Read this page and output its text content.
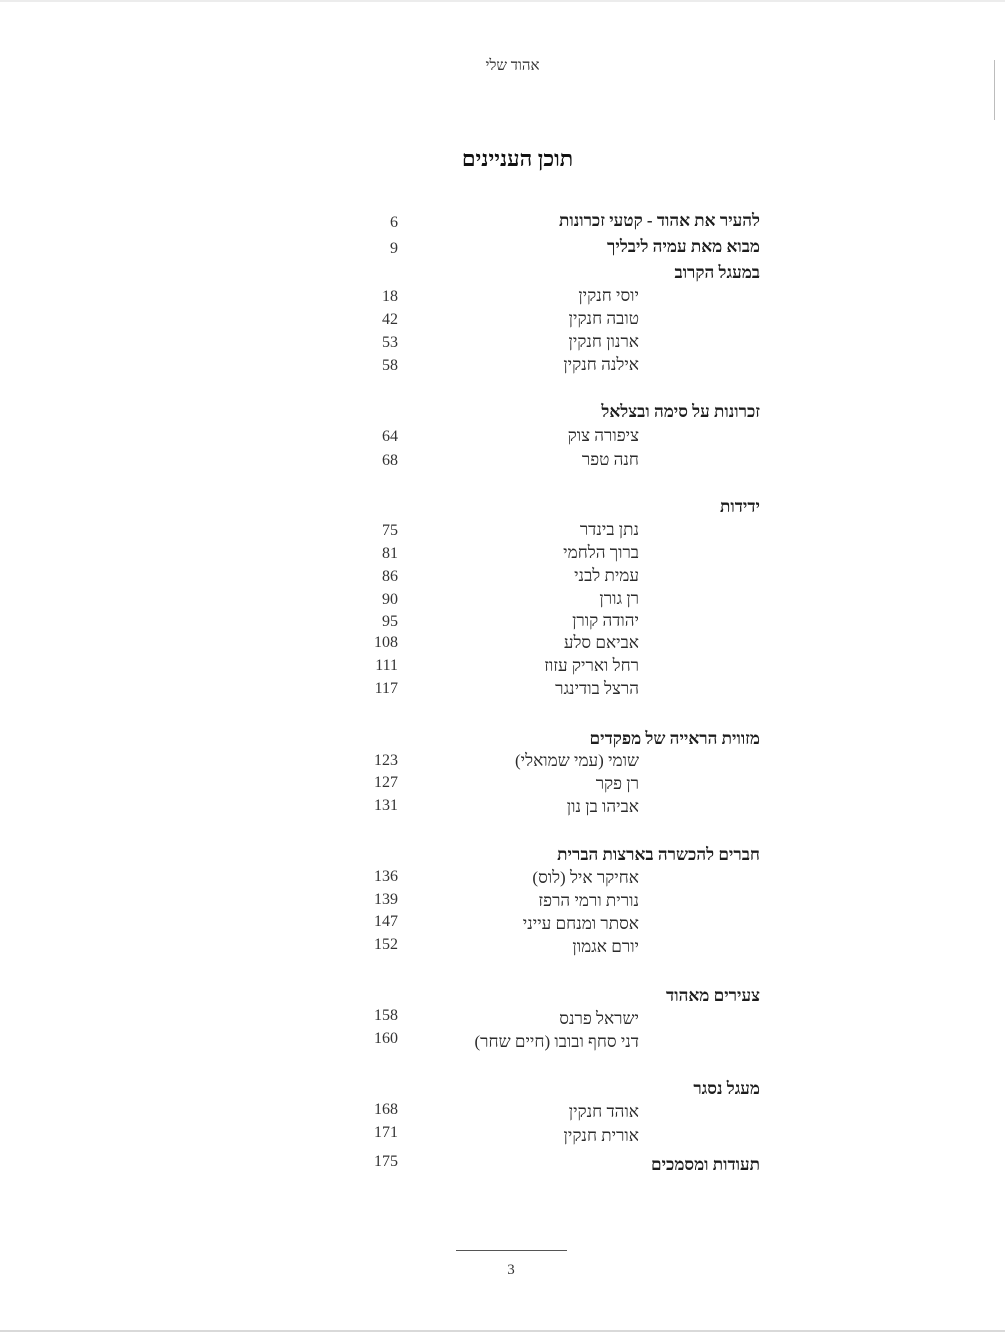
אהוד שלי
תוכן העניינים
להעיר את אהוד - קטעי זכרונות
6
מבוא מאת עמיה ליבליך
9
במעגל הקרוב
יוסי חנקין
18
טובה חנקין
42
ארנון חנקין
53
אילנה חנקין
58
זכרונות על סימה ובצלאל
ציפורה צוק
64
חנה טפר
68
ידידות
נתן בינדר
75
ברוך הלחמי
81
עמית לבני
86
רן גורן
90
יהודה קורן
95
אביאם סלע
108
רחל ואריק עזוז
111
הרצל בודינגר
117
מזווית הראייה של מפקדים
שומי (עמי שמואלי)
123
רן פקר
127
אביהו בן נון
131
חברים להכשרה בארצות הברית
אחיקר איל (לוס)
136
נורית ורמי הרפז
139
אסתר ומנחם עייני
147
יורם אגמון
152
צעירים מאהוד
ישראל פרנס
158
דני סחף ובובו (חיים שחר)
160
מעגל נסגר
אוהד חנקין
168
אורית חנקין
171
תעודות ומסמכים
175
3
